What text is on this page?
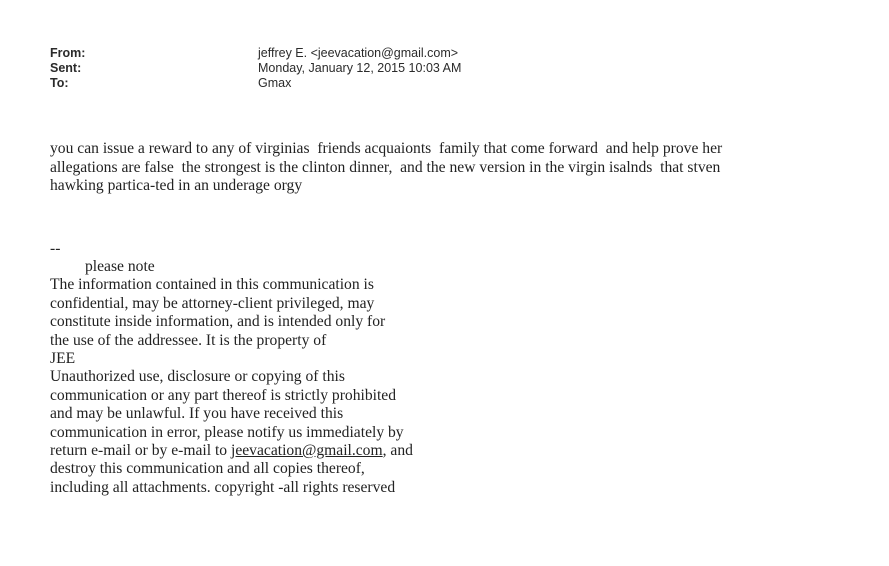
From:	jeffrey E. <jeevacation@gmail.com>
Sent:	Monday, January 12, 2015 10:03 AM
To:	Gmax
you can issue a reward to any of virginias  friends acquaionts  family that come forward  and help prove her
allegations are false  the strongest is the clinton dinner,  and the new version in the virgin isalnds  that stven
hawking partica-ted in an underage orgy
--
please note
The information contained in this communication is
confidential, may be attorney-client privileged, may
constitute inside information, and is intended only for
the use of the addressee. It is the property of
JEE
Unauthorized use, disclosure or copying of this
communication or any part thereof is strictly prohibited
and may be unlawful. If you have received this
communication in error, please notify us immediately by
return e-mail or by e-mail to jeevacation@gmail.com, and
destroy this communication and all copies thereof,
including all attachments. copyright -all rights reserved
